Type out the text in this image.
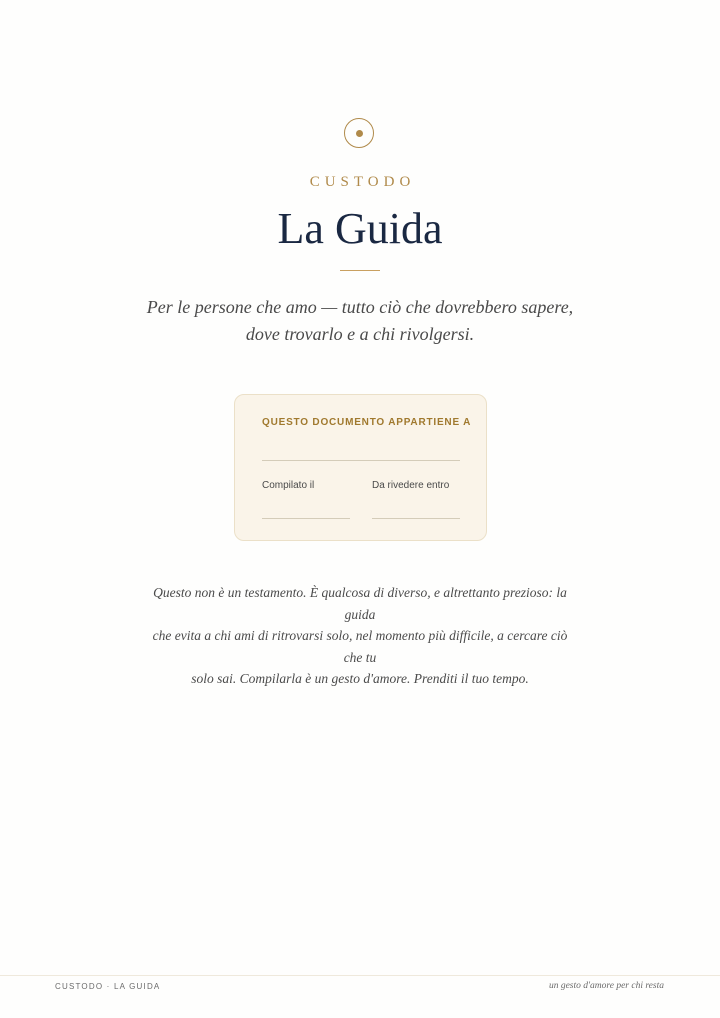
CUSTODO
La Guida
Per le persone che amo — tutto ciò che dovrebbero sapere,
dove trovarlo e a chi rivolgersi.
QUESTO DOCUMENTO APPARTIENE A
Compilato il	Da rivedere entro
Questo non è un testamento. È qualcosa di diverso, e altrettanto prezioso: la guida
che evita a chi ami di ritrovarsi solo, nel momento più difficile, a cercare ciò che tu
solo sai. Compilarla è un gesto d'amore. Prenditi il tuo tempo.
CUSTODO · LA GUIDA	un gesto d'amore per chi resta
